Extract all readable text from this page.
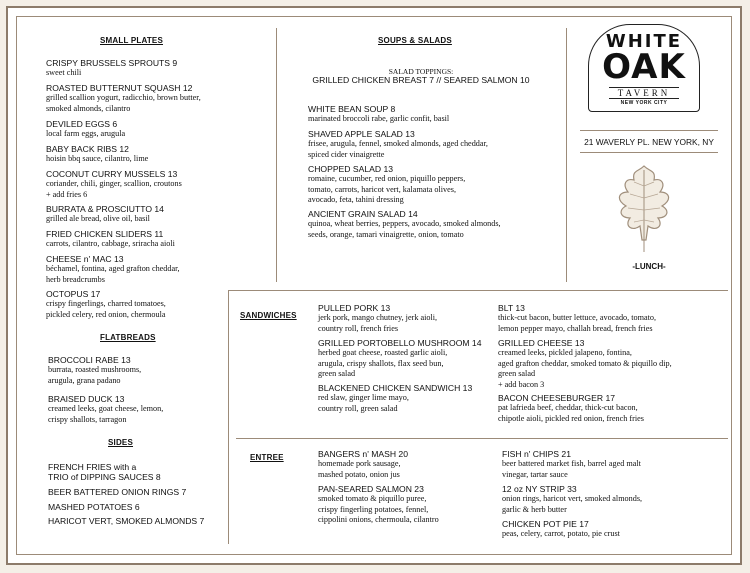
SMALL PLATES
CRISPY BRUSSELS SPROUTS 9
sweet chili
ROASTED BUTTERNUT SQUASH 12
grilled scallion yogurt, radicchio, brown butter,
smoked almonds, cilantro
DEVILED EGGS 6
local farm eggs, arugula
BABY BACK RIBS 12
hoisin bbq sauce, cilantro, lime
COCONUT CURRY MUSSELS 13
coriander, chili, ginger, scallion, croutons
+ add fries 6
BURRATA & PROSCIUTTO 14
grilled ale bread, olive oil, basil
FRIED CHICKEN SLIDERS 11
carrots, cilantro, cabbage, sriracha aioli
CHEESE n' MAC 13
béchamel, fontina, aged grafton cheddar,
herb breadcrumbs
OCTOPUS 17
crispy fingerlings, charred tomatoes,
pickled celery, red onion, chermoula
FLATBREADS
BROCCOLI RABE 13
burrata, roasted mushrooms,
arugula, grana padano
BRAISED DUCK 13
creamed leeks, goat cheese, lemon,
crispy shallots, tarragon
SIDES
FRENCH FRIES with a
TRIO of DIPPING SAUCES 8
BEER BATTERED ONION RINGS 7
MASHED POTATOES 6
HARICOT VERT, SMOKED ALMONDS 7
SOUPS & SALADS
SALAD TOPPINGS:
GRILLED CHICKEN BREAST 7 // SEARED SALMON 10
WHITE BEAN SOUP 8
marinated broccoli rabe, garlic confit, basil
SHAVED APPLE SALAD 13
frisee, arugula, fennel, smoked almonds, aged cheddar,
spiced cider vinaigrette
CHOPPED SALAD 13
romaine, cucumber, red onion, piquillo peppers,
tomato, carrots, haricot vert, kalamata olives,
avocado, feta, tahini dressing
ANCIENT GRAIN SALAD 14
quinoa, wheat berries, peppers, avocado, smoked almonds,
seeds, orange, tamari vinaigrette, onion, tomato
WHITE
OAK
TAVERN
NEW YORK CITY
21 WAVERLY PL. NEW YORK, NY
-LUNCH-
SANDWICHES
PULLED PORK 13
jerk pork, mango chutney, jerk aioli,
country roll, french fries
GRILLED PORTOBELLO MUSHROOM 14
herbed goat cheese, roasted garlic aioli,
arugula, crispy shallots, flax seed bun,
green salad
BLACKENED CHICKEN SANDWICH 13
red slaw, ginger lime mayo,
country roll, green salad
BLT 13
thick-cut bacon, butter lettuce, avocado, tomato,
lemon pepper mayo, challah bread, french fries
GRILLED CHEESE 13
creamed leeks, pickled jalapeno, fontina,
aged grafton cheddar, smoked tomato & piquillo dip,
green salad
+ add bacon 3
BACON CHEESEBURGER 17
pat lafrieda beef, cheddar, thick-cut bacon,
chipotle aioli, pickled red onion, french fries
ENTREE	BANGERS n' MASH 20
homemade pork sausage,
mashed potato, onion jus
PAN-SEARED SALMON 23
smoked tomato & piquillo puree,
crispy fingerling potatoes, fennel,
cippolini onions, chermoula, cilantro
FISH n' CHIPS 21
beer battered market fish, barrel aged malt
vinegar, tartar sauce
12 oz NY STRIP 33
onion rings, haricot vert, smoked almonds,
garlic & herb butter
CHICKEN POT PIE 17
peas, celery, carrot, potato, pie crust
